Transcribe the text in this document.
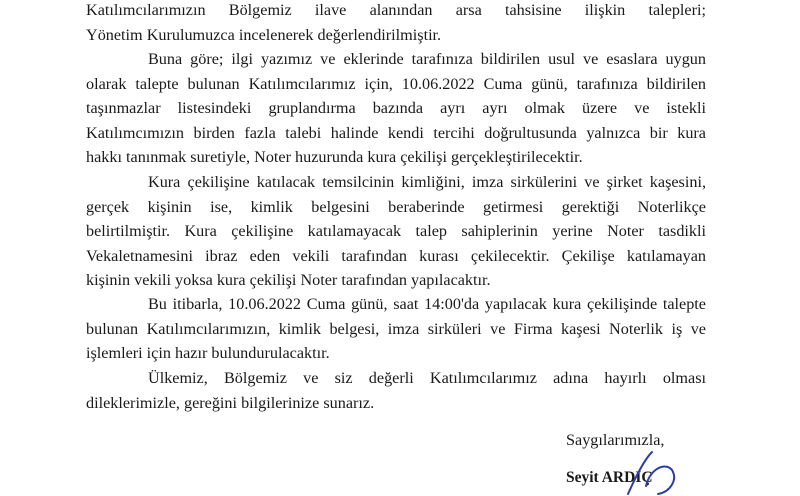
Katılımcılarımızın Bölgemiz ilave alanından arsa tahsisine ilişkin talepleri;
Yönetim Kurulumuzca incelenerek değerlendirilmiştir.

Buna göre; ilgi yazımız ve eklerinde tarafınıza bildirilen usul ve esaslara uygun
olarak talepte bulunan Katılımcılarımız için, 10.06.2022 Cuma günü, tarafınıza bildirilen
taşınmazlar listesindeki gruplandırma bazında ayrı ayrı olmak üzere ve istekli
Katılımcımızın birden fazla talebi halinde kendi tercihi doğrultusunda yalnızca bir kura
hakkı tanınmak suretiyle, Noter huzurunda kura çekilişi gerçekleştirilecektir.

Kura çekilişine katılacak temsilcinin kimliğini, imza sirkülerini ve şirket kaşesini,
gerçek kişinin ise, kimlik belgesini beraberinde getirmesi gerektiği Noterlikçe
belirtilmiştir. Kura çekilişine katılamayacak talep sahiplerinin yerine Noter tasdikli
Vekaletnamesini ibraz eden vekili tarafından kurası çekilecektir. Çekilişe katılamayan
kişinin vekili yoksa kura çekilişi Noter tarafından yapılacaktır.

Bu itibarla, 10.06.2022 Cuma günü, saat 14:00'da yapılacak kura çekilişinde talepte
bulunan Katılımcılarımızın, kimlik belgesi, imza sirküleri ve Firma kaşesi Noterlik iş ve
işlemleri için hazır bulundurulacaktır.

Ülkemiz, Bölgemiz ve siz değerli Katılımcılarımız adına hayırlı olması
dileklerimizle, gereğini bilgilerinize sunarız.

Saygılarımızla,

Seyit ARDIÇ
